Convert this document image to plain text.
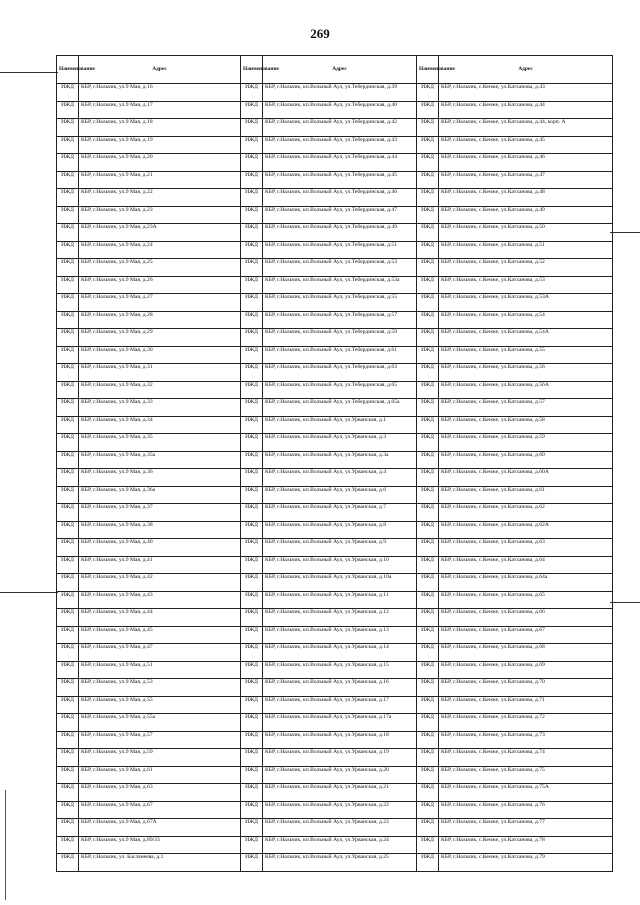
269
Наименование	Адрес	Наименование	Адрес	Наименование	Адрес
ИЖД	КБР, г.Нальчик, ул.9 Мая, д.16	ИЖД	КБР, г.Нальчик, кп.Вольный Аул, ул.Тебердинская, д.39	ИЖД	КБР, г.Нальчик, с.Кенже, ул.Катханова, д.43
ИЖД	КБР, г.Нальчик, ул.9 Мая, д.17	ИЖД	КБР, г.Нальчик, кп.Вольный Аул, ул.Тебердинская, д.40	ИЖД	КБР, г.Нальчик, с.Кенже, ул.Катханова, д.44
ИЖД	КБР, г.Нальчик, ул.9 Мая, д.18	ИЖД	КБР, г.Нальчик, кп.Вольный Аул, ул.Тебердинская, д.42	ИЖД	КБР, г.Нальчик, с.Кенже, ул.Катханова, д.44, корп. А
ИЖД	КБР, г.Нальчик, ул.9 Мая, д.19	ИЖД	КБР, г.Нальчик, кп.Вольный Аул, ул.Тебердинская, д.43	ИЖД	КБР, г.Нальчик, с.Кенже, ул.Катханова, д.45
ИЖД	КБР, г.Нальчик, ул.9 Мая, д.20	ИЖД	КБР, г.Нальчик, кп.Вольный Аул, ул.Тебердинская, д.44	ИЖД	КБР, г.Нальчик, с.Кенже, ул.Катханова, д.46
ИЖД	КБР, г.Нальчик, ул.9 Мая, д.21	ИЖД	КБР, г.Нальчик, кп.Вольный Аул, ул.Тебердинская, д.45	ИЖД	КБР, г.Нальчик, с.Кенже, ул.Катханова, д.47
ИЖД	КБР, г.Нальчик, ул.9 Мая, д.22	ИЖД	КБР, г.Нальчик, кп.Вольный Аул, ул.Тебердинская, д.46	ИЖД	КБР, г.Нальчик, с.Кенже, ул.Катханова, д.48
ИЖД	КБР, г.Нальчик, ул.9 Мая, д.23	ИЖД	КБР, г.Нальчик, кп.Вольный Аул, ул.Тебердинская, д.47	ИЖД	КБР, г.Нальчик, с.Кенже, ул.Катханова, д.49
ИЖД	КБР, г.Нальчик, ул.9 Мая, д.23А	ИЖД	КБР, г.Нальчик, кп.Вольный Аул, ул.Тебердинская, д.49	ИЖД	КБР, г.Нальчик, с.Кенже, ул.Катханова, д.50
ИЖД	КБР, г.Нальчик, ул.9 Мая, д.24	ИЖД	КБР, г.Нальчик, кп.Вольный Аул, ул.Тебердинская, д.51	ИЖД	КБР, г.Нальчик, с.Кенже, ул.Катханова, д.51
ИЖД	КБР, г.Нальчик, ул.9 Мая, д.25	ИЖД	КБР, г.Нальчик, кп.Вольный Аул, ул.Тебердинская, д.53	ИЖД	КБР, г.Нальчик, с.Кенже, ул.Катханова, д.52
ИЖД	КБР, г.Нальчик, ул.9 Мая, д.26	ИЖД	КБР, г.Нальчик, кп.Вольный Аул, ул.Тебердинская, д.53а	ИЖД	КБР, г.Нальчик, с.Кенже, ул.Катханова, д.53
ИЖД	КБР, г.Нальчик, ул.9 Мая, д.27	ИЖД	КБР, г.Нальчик, кп.Вольный Аул, ул.Тебердинская, д.55	ИЖД	КБР, г.Нальчик, с.Кенже, ул.Катханова, д.53А
ИЖД	КБР, г.Нальчик, ул.9 Мая, д.28	ИЖД	КБР, г.Нальчик, кп.Вольный Аул, ул.Тебердинская, д.57	ИЖД	КБР, г.Нальчик, с.Кенже, ул.Катханова, д.54
ИЖД	КБР, г.Нальчик, ул.9 Мая, д.29	ИЖД	КБР, г.Нальчик, кп.Вольный Аул, ул.Тебердинская, д.59	ИЖД	КБР, г.Нальчик, с.Кенже, ул.Катханова, д.54А
ИЖД	КБР, г.Нальчик, ул.9 Мая, д.30	ИЖД	КБР, г.Нальчик, кп.Вольный Аул, ул.Тебердинская, д.61	ИЖД	КБР, г.Нальчик, с.Кенже, ул.Катханова, д.55
ИЖД	КБР, г.Нальчик, ул.9 Мая, д.31	ИЖД	КБР, г.Нальчик, кп.Вольный Аул, ул.Тебердинская, д.63	ИЖД	КБР, г.Нальчик, с.Кенже, ул.Катханова, д.56
ИЖД	КБР, г.Нальчик, ул.9 Мая, д.32	ИЖД	КБР, г.Нальчик, кп.Вольный Аул, ул.Тебердинская, д.65	ИЖД	КБР, г.Нальчик, с.Кенже, ул.Катханова, д.56А
ИЖД	КБР, г.Нальчик, ул.9 Мая, д.33	ИЖД	КБР, г.Нальчик, кп.Вольный Аул, ул.Тебердинская, д.65а	ИЖД	КБР, г.Нальчик, с.Кенже, ул.Катханова, д.57
ИЖД	КБР, г.Нальчик, ул.9 Мая, д.34	ИЖД	КБР, г.Нальчик, кп.Вольный Аул, ул.Урванская, д.1	ИЖД	КБР, г.Нальчик, с.Кенже, ул.Катханова, д.58
ИЖД	КБР, г.Нальчик, ул.9 Мая, д.35	ИЖД	КБР, г.Нальчик, кп.Вольный Аул, ул.Урванская, д.3	ИЖД	КБР, г.Нальчик, с.Кенже, ул.Катханова, д.59
ИЖД	КБР, г.Нальчик, ул.9 Мая, д.35а	ИЖД	КБР, г.Нальчик, кп.Вольный Аул, ул.Урванская, д.3а	ИЖД	КБР, г.Нальчик, с.Кенже, ул.Катханова, д.60
ИЖД	КБР, г.Нальчик, ул.9 Мая, д.36	ИЖД	КБР, г.Нальчик, кп.Вольный Аул, ул.Урванская, д.4	ИЖД	КБР, г.Нальчик, с.Кенже, ул.Катханова, д.60А
ИЖД	КБР, г.Нальчик, ул.9 Мая, д.36а	ИЖД	КБР, г.Нальчик, кп.Вольный Аул, ул.Урванская, д.6	ИЖД	КБР, г.Нальчик, с.Кенже, ул.Катханова, д.61
ИЖД	КБР, г.Нальчик, ул.9 Мая, д.37	ИЖД	КБР, г.Нальчик, кп.Вольный Аул, ул.Урванская, д.7	ИЖД	КБР, г.Нальчик, с.Кенже, ул.Катханова, д.62
ИЖД	КБР, г.Нальчик, ул.9 Мая, д.38	ИЖД	КБР, г.Нальчик, кп.Вольный Аул, ул.Урванская, д.8	ИЖД	КБР, г.Нальчик, с.Кенже, ул.Катханова, д.62А
ИЖД	КБР, г.Нальчик, ул.9 Мая, д.40	ИЖД	КБР, г.Нальчик, кп.Вольный Аул, ул.Урванская, д.9	ИЖД	КБР, г.Нальчик, с.Кенже, ул.Катханова, д.63
ИЖД	КБР, г.Нальчик, ул.9 Мая, д.41	ИЖД	КБР, г.Нальчик, кп.Вольный Аул, ул.Урванская, д.10	ИЖД	КБР, г.Нальчик, с.Кенже, ул.Катханова, д.64
ИЖД	КБР, г.Нальчик, ул.9 Мая, д.42	ИЖД	КБР, г.Нальчик, кп.Вольный Аул, ул.Урванская, д.10а	ИЖД	КБР, г.Нальчик, с.Кенже, ул.Катханова, д.64а
ИЖД	КБР, г.Нальчик, ул.9 Мая, д.43	ИЖД	КБР, г.Нальчик, кп.Вольный Аул, ул.Урванская, д.11	ИЖД	КБР, г.Нальчик, с.Кенже, ул.Катханова, д.65
ИЖД	КБР, г.Нальчик, ул.9 Мая, д.44	ИЖД	КБР, г.Нальчик, кп.Вольный Аул, ул.Урванская, д.12	ИЖД	КБР, г.Нальчик, с.Кенже, ул.Катханова, д.66
ИЖД	КБР, г.Нальчик, ул.9 Мая, д.45	ИЖД	КБР, г.Нальчик, кп.Вольный Аул, ул.Урванская, д.13	ИЖД	КБР, г.Нальчик, с.Кенже, ул.Катханова, д.67
ИЖД	КБР, г.Нальчик, ул.9 Мая, д.47	ИЖД	КБР, г.Нальчик, кп.Вольный Аул, ул.Урванская, д.14	ИЖД	КБР, г.Нальчик, с.Кенже, ул.Катханова, д.68
ИЖД	КБР, г.Нальчик, ул.9 Мая, д.51	ИЖД	КБР, г.Нальчик, кп.Вольный Аул, ул.Урванская, д.15	ИЖД	КБР, г.Нальчик, с.Кенже, ул.Катханова, д.69
ИЖД	КБР, г.Нальчик, ул.9 Мая, д.53	ИЖД	КБР, г.Нальчик, кп.Вольный Аул, ул.Урванская, д.16	ИЖД	КБР, г.Нальчик, с.Кенже, ул.Катханова, д.70
ИЖД	КБР, г.Нальчик, ул.9 Мая, д.55	ИЖД	КБР, г.Нальчик, кп.Вольный Аул, ул.Урванская, д.17	ИЖД	КБР, г.Нальчик, с.Кенже, ул.Катханова, д.71
ИЖД	КБР, г.Нальчик, ул.9 Мая, д.55а	ИЖД	КБР, г.Нальчик, кп.Вольный Аул, ул.Урванская, д.17а	ИЖД	КБР, г.Нальчик, с.Кенже, ул.Катханова, д.72
ИЖД	КБР, г.Нальчик, ул.9 Мая, д.57	ИЖД	КБР, г.Нальчик, кп.Вольный Аул, ул.Урванская, д.18	ИЖД	КБР, г.Нальчик, с.Кенже, ул.Катханова, д.73
ИЖД	КБР, г.Нальчик, ул.9 Мая, д.59	ИЖД	КБР, г.Нальчик, кп.Вольный Аул, ул.Урванская, д.19	ИЖД	КБР, г.Нальчик, с.Кенже, ул.Катханова, д.74
ИЖД	КБР, г.Нальчик, ул.9 Мая, д.61	ИЖД	КБР, г.Нальчик, кп.Вольный Аул, ул.Урванская, д.20	ИЖД	КБР, г.Нальчик, с.Кенже, ул.Катханова, д.75
ИЖД	КБР, г.Нальчик, ул.9 Мая, д.63	ИЖД	КБР, г.Нальчик, кп.Вольный Аул, ул.Урванская, д.21	ИЖД	КБР, г.Нальчик, с.Кенже, ул.Катханова, д.75А
ИЖД	КБР, г.Нальчик, ул.9 Мая, д.67	ИЖД	КБР, г.Нальчик, кп.Вольный Аул, ул.Урванская, д.22	ИЖД	КБР, г.Нальчик, с.Кенже, ул.Катханова, д.76
ИЖД	КБР, г.Нальчик, ул.9 Мая, д.67А	ИЖД	КБР, г.Нальчик, кп.Вольный Аул, ул.Урванская, д.23	ИЖД	КБР, г.Нальчик, с.Кенже, ул.Катханова, д.77
ИЖД	КБР, г.Нальчик, ул.9 Мая, д.89/33	ИЖД	КБР, г.Нальчик, кп.Вольный Аул, ул.Урванская, д.24	ИЖД	КБР, г.Нальчик, с.Кенже, ул.Катханова, д.78
ИЖД	КБР, г.Нальчик, ул. Басланеева, д.1	ИЖД	КБР, г.Нальчик, кп.Вольный Аул, ул.Урванская, д.25	ИЖД	КБР, г.Нальчик, с.Кенже, ул.Катханова, д.79
